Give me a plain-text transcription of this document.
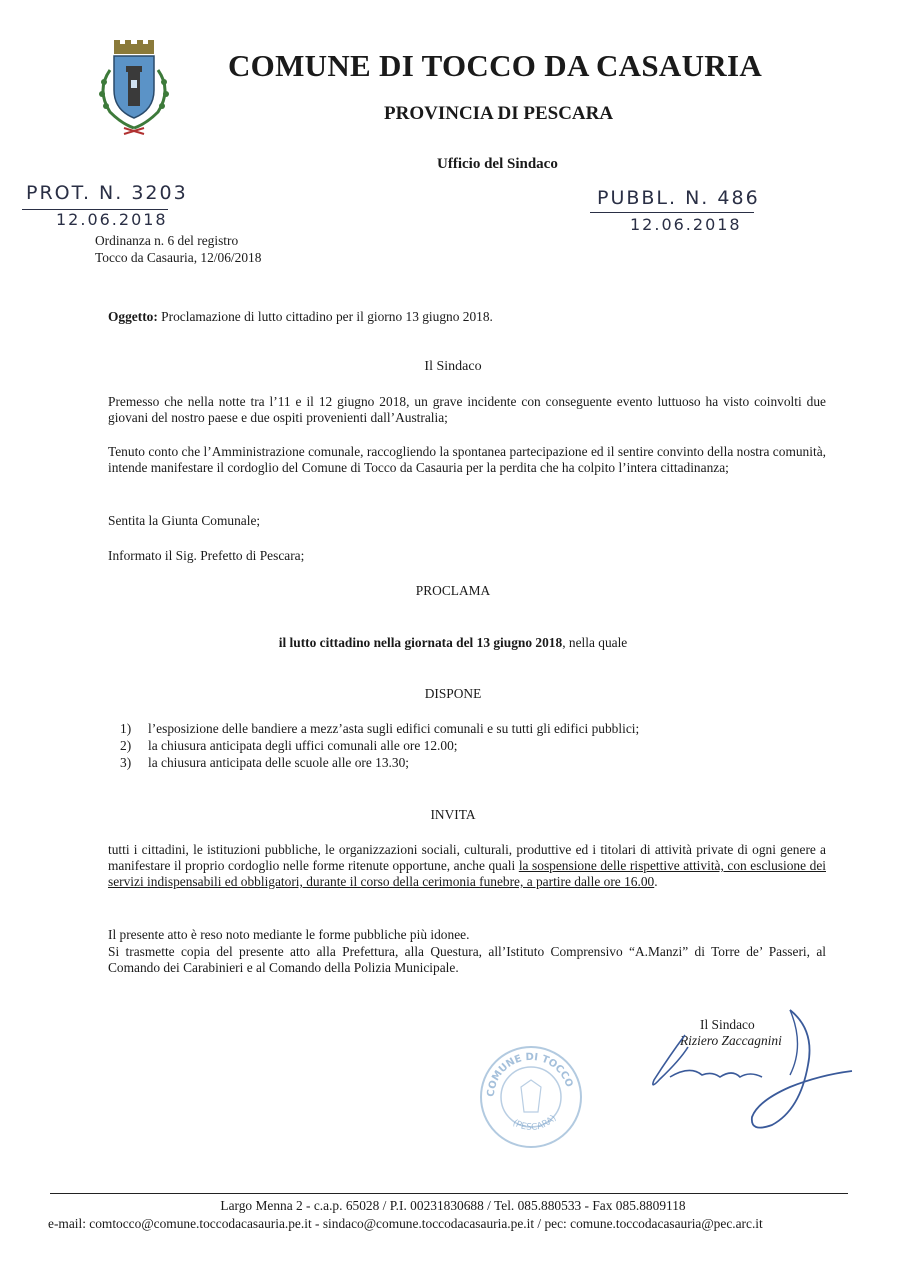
COMUNE DI TOCCO DA CASAURIA
PROVINCIA DI PESCARA
Ufficio del Sindaco
PROT. N. 3203
12.06.2018
PUBBL. N. 486
12.06.2018
Ordinanza n. 6 del registro
Tocco da Casauria, 12/06/2018
Oggetto: Proclamazione di lutto cittadino per il giorno 13 giugno 2018.
Il Sindaco
Premesso che nella notte tra l’11 e il 12 giugno 2018, un grave incidente con conseguente evento luttuoso ha visto coinvolti due giovani del nostro paese e due ospiti provenienti dall’Australia;
Tenuto conto che l’Amministrazione comunale, raccogliendo la spontanea partecipazione ed il sentire convinto della nostra comunità, intende manifestare il cordoglio del Comune di Tocco da Casauria per la perdita che ha colpito l’intera cittadinanza;
Sentita la Giunta Comunale;
Informato il Sig. Prefetto di Pescara;
PROCLAMA
il lutto cittadino nella giornata del 13 giugno 2018, nella quale
DISPONE
1) l’esposizione delle bandiere a mezz’asta sugli edifici comunali e su tutti gli edifici pubblici;
2) la chiusura anticipata degli uffici comunali alle ore 12.00;
3) la chiusura anticipata delle scuole alle ore 13.30;
INVITA
tutti i cittadini, le istituzioni pubbliche, le organizzazioni sociali, culturali, produttive ed i titolari di attività private di ogni genere a manifestare il proprio cordoglio nelle forme ritenute opportune, anche quali la sospensione delle rispettive attività, con esclusione dei servizi indispensabili ed obbligatori, durante il corso della cerimonia funebre, a partire dalle ore 16.00.
Il presente atto è reso noto mediante le forme pubbliche più idonee.
Si trasmette copia del presente atto alla Prefettura, alla Questura, all’Istituto Comprensivo “A.Manzi” di Torre de’ Passeri, al Comando dei Carabinieri e al Comando della Polizia Municipale.
COMUNE DI TOCCO
(PESCARA)
Il Sindaco
Riziero Zaccagnini
Largo Menna 2 - c.a.p. 65028 / P.I. 00231830688 / Tel. 085.880533 - Fax 085.8809118
e-mail: comtocco@comune.toccodacasauria.pe.it - sindaco@comune.toccodacasauria.pe.it / pec: comune.toccodacasauria@pec.arc.it
